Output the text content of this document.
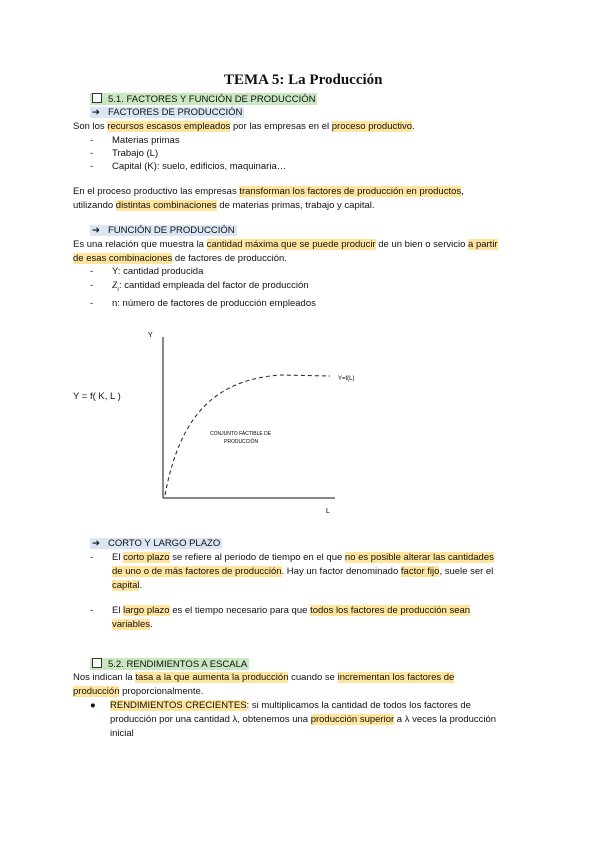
TEMA 5: La Producción
5.1. FACTORES Y FUNCIÓN DE PRODUCCIÓN
➔ FACTORES DE PRODUCCIÓN
Son los recursos escasos empleados por las empresas en el proceso productivo.
- Materias primas
- Trabajo (L)
- Capital (K): suelo, edificios, maquinaria…
En el proceso productivo las empresas transforman los factores de producción en productos,
utilizando distintas combinaciones de materias primas, trabajo y capital.
➔ FUNCIÓN DE PRODUCCIÓN
Es una relación que muestra la cantidad máxima que se puede producir de un bien o servicio a partir
de esas combinaciones de factores de producción.
- Y: cantidad producida
- $Z_i$: cantidad empleada del factor de producción
- n: número de factores de producción empleados
Y = f( K, L )
Y
L
Y=f(L)
CONJUNTO FACTIBLE DE
PRODUCCIÓN
➔ CORTO Y LARGO PLAZO
- El corto plazo se refiere al periodo de tiempo en el que no es posible alterar las cantidades
de uno o de más factores de producción. Hay un factor denominado factor fijo, suele ser el
capital.
- El largo plazo es el tiempo necesario para que todos los factores de producción sean
variables.
5.2. RENDIMIENTOS A ESCALA
Nos indican la tasa a la que aumenta la producción cuando se incrementan los factores de
producción proporcionalmente.
● RENDIMIENTOS CRECIENTES: si multiplicamos la cantidad de todos los factores de
producción por una cantidad λ, obtenemos una producción superior a λ veces la producción
inicial
